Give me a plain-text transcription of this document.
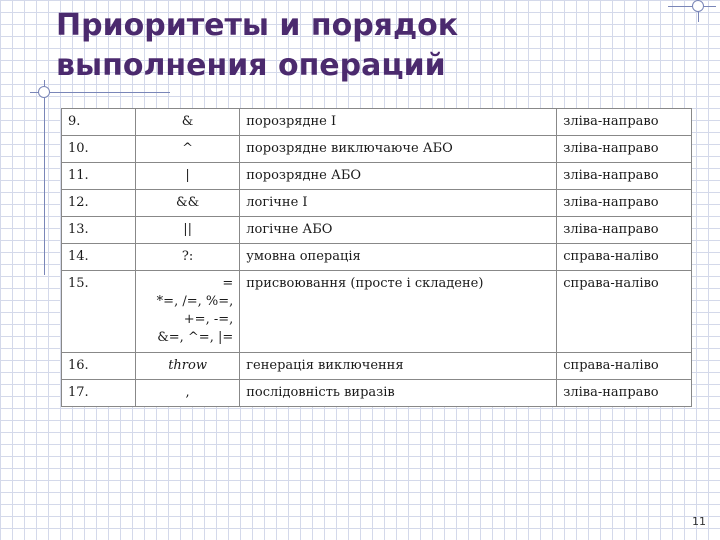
Приоритеты и порядок
выполнения операций
9.	&	порозрядне І	зліва-направо
10.	^	порозрядне виключаюче АБО	зліва-направо
11.	|	порозрядне АБО	зліва-направо
12.	&&	логічне І	зліва-направо
13.	||	логічне АБО	зліва-направо
14.	?:	умовна операція	справа-наліво
15.	=
*=, /=, %=,
+=, -=,
&=, ^=, |=	присвоювання (просте і складене)	справа-наліво
16.	throw	генерація виключення	справа-наліво
17.	,	послідовність виразів	зліва-направо
11
